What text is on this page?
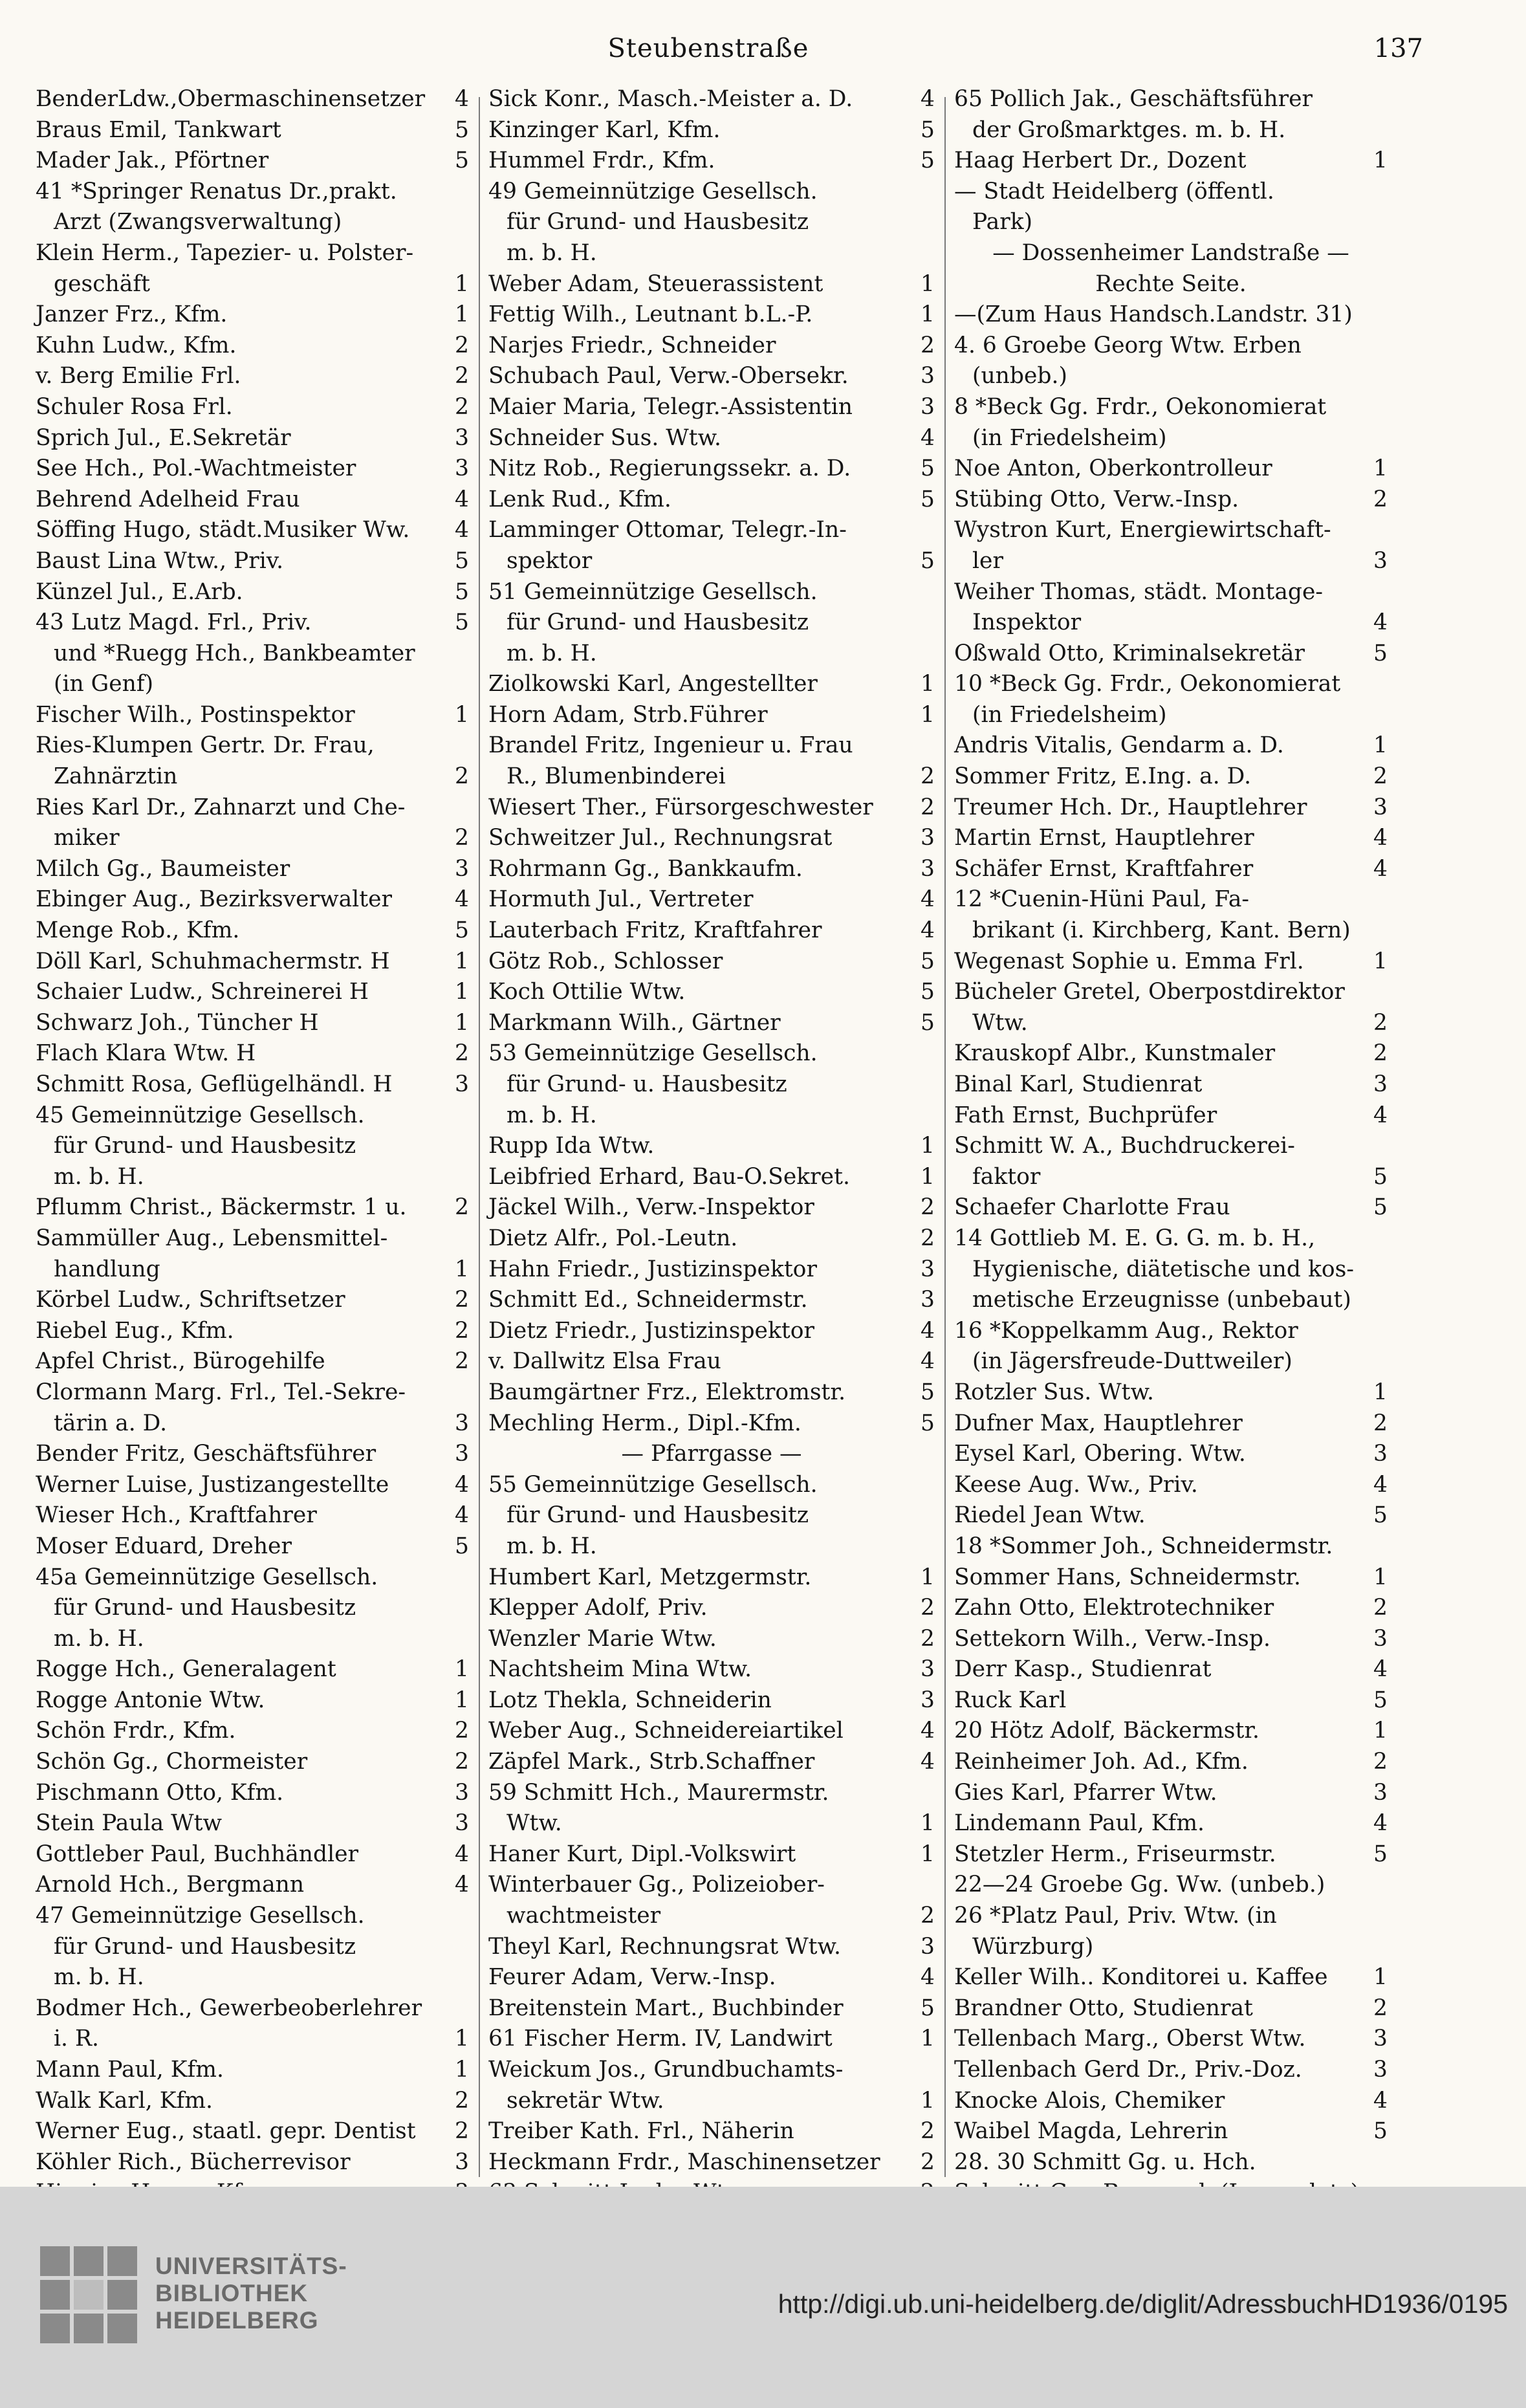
Steubenstraße	137
BenderLdw.,Obermaschinensetzer 4
Braus Emil, Tankwart	5
Mader Jak., Pförtner	5
41 *Springer Renatus Dr.,prakt.
Arzt (Zwangsverwaltung)
Klein Herm., Tapezier- u. Polster-
geschäft	1
Janzer Frz., Kfm.	1
Kuhn Ludw., Kfm.	2
v. Berg Emilie Frl.	2
Schuler Rosa Frl.	2
Sprich Jul., E.Sekretär	3
See Hch., Pol.-Wachtmeister	3
Behrend Adelheid Frau	4
Söffing Hugo, städt.Musiker Ww. 4
Baust Lina Wtw., Priv.	5
Künzel Jul., E.Arb.	5
43 Lutz Magd. Frl., Priv.	5
und *Ruegg Hch., Bankbeamter
(in Genf)
Fischer Wilh., Postinspektor	1
Ries-Klumpen Gertr. Dr. Frau,
Zahnärztin	2
Ries Karl Dr., Zahnarzt und Che-
miker	2
Milch Gg., Baumeister	3
Ebinger Aug., Bezirksverwalter	4
Menge Rob., Kfm.	5
Döll Karl, Schuhmachermstr. H	1
Schaier Ludw., Schreinerei H	1
Schwarz Joh., Tüncher H	1
Flach Klara Wtw. H	2
Schmitt Rosa, Geflügelhändl. H	3
45 Gemeinnützige Gesellsch.
für Grund- und Hausbesitz
m. b. H.
Pflumm Christ., Bäckermstr. 1 u. 2
Sammüller Aug., Lebensmittel-
handlung	1
Körbel Ludw., Schriftsetzer	2
Riebel Eug., Kfm.	2
Apfel Christ., Bürogehilfe	2
Clormann Marg. Frl., Tel.-Sekre-
tärin a. D.	3
Bender Fritz, Geschäftsführer	3
Werner Luise, Justizangestellte	4
Wieser Hch., Kraftfahrer	4
Moser Eduard, Dreher	5
45a Gemeinnützige Gesellsch.
für Grund- und Hausbesitz
m. b. H.
Rogge Hch., Generalagent	1
Rogge Antonie Wtw.	1
Schön Frdr., Kfm.	2
Schön Gg., Chormeister	2
Pischmann Otto, Kfm.	3
Stein Paula Wtw	3
Gottleber Paul, Buchhändler	4
Arnold Hch., Bergmann	4
47 Gemeinnützige Gesellsch.
für Grund- und Hausbesitz
m. b. H.
Bodmer Hch., Gewerbeoberlehrer
i. R.	1
Mann Paul, Kfm.	1
Walk Karl, Kfm.	2
Werner Eug., staatl. gepr. Dentist 2
Köhler Rich., Bücherrevisor	3
Sick Konr., Masch.-Meister a. D.	4
Kinzinger Karl, Kfm.	5
Hummel Frdr., Kfm.	5
49 Gemeinnützige Gesellsch.
für Grund- und Hausbesitz
m. b. H.
Weber Adam, Steuerassistent	1
Fettig Wilh., Leutnant b.L.-P.	1
Narjes Friedr., Schneider	2
Schubach Paul, Verw.-Obersekr.	3
Maier Maria, Telegr.-Assistentin	3
Schneider Sus. Wtw.	4
Nitz Rob., Regierungssekr. a. D.	5
Lenk Rud., Kfm.	5
Lamminger Ottomar, Telegr.-In-
spektor	5
51 Gemeinnützige Gesellsch.
für Grund- und Hausbesitz
m. b. H.
Ziolkowski Karl, Angestellter	1
Horn Adam, Strb.Führer	1
Brandel Fritz, Ingenieur u. Frau
R., Blumenbinderei	2
Wiesert Ther., Fürsorgeschwester 2
Schweitzer Jul., Rechnungsrat	3
Rohrmann Gg., Bankkaufm.	3
Hormuth Jul., Vertreter	4
Lauterbach Fritz, Kraftfahrer	4
Götz Rob., Schlosser	5
Koch Ottilie Wtw.	5
Markmann Wilh., Gärtner	5
53 Gemeinnützige Gesellsch.
für Grund- u. Hausbesitz
m. b. H.
Rupp Ida Wtw.	1
Leibfried Erhard, Bau-O.Sekret.	1
Jäckel Wilh., Verw.-Inspektor	2
Dietz Alfr., Pol.-Leutn.	2
Hahn Friedr., Justizinspektor	3
Schmitt Ed., Schneidermstr.	3
Dietz Friedr., Justizinspektor	4
v. Dallwitz Elsa Frau	4
Baumgärtner Frz., Elektromstr.	5
Mechling Herm., Dipl.-Kfm.	5
— Pfarrgasse —
55 Gemeinnützige Gesellsch.
für Grund- und Hausbesitz
m. b. H.
Humbert Karl, Metzgermstr.	1
Klepper Adolf, Priv.	2
Wenzler Marie Wtw.	2
Nachtsheim Mina Wtw.	3
Lotz Thekla, Schneiderin	3
Weber Aug., Schneidereiartikel	4
Zäpfel Mark., Strb.Schaffner	4
59 Schmitt Hch., Maurermstr.
Wtw.	1
Haner Kurt, Dipl.-Volkswirt	1
Winterbauer Gg., Polizeiober-
wachtmeister	2
Theyl Karl, Rechnungsrat Wtw.	3
Feurer Adam, Verw.-Insp.	4
Breitenstein Mart., Buchbinder	5
61 Fischer Herm. IV, Landwirt	1
Weickum Jos., Grundbuchamts-
sekretär Wtw.	1
Treiber Kath. Frl., Näherin	2
Heckmann Frdr., Maschinensetzer 2
65 Pollich Jak., Geschäftsführer
der Großmarktges. m. b. H.
Haag Herbert Dr., Dozent	1
— Stadt Heidelberg (öffentl.
Park)
— Dossenheimer Landstraße —
Rechte Seite.
—(Zum Haus Handsch.Landstr. 31)
4. 6 Groebe Georg Wtw. Erben
(unbeb.)
8 *Beck Gg. Frdr., Oekonomierat
(in Friedelsheim)
Noe Anton, Oberkontrolleur	1
Stübing Otto, Verw.-Insp.	2
Wystron Kurt, Energiewirtschaft-
ler	3
Weiher Thomas, städt. Montage-
Inspektor	4
Oßwald Otto, Kriminalsekretär	5
10 *Beck Gg. Frdr., Oekonomierat
(in Friedelsheim)
Andris Vitalis, Gendarm a. D.	1
Sommer Fritz, E.Ing. a. D.	2
Treumer Hch. Dr., Hauptlehrer	3
Martin Ernst, Hauptlehrer	4
Schäfer Ernst, Kraftfahrer	4
12 *Cuenin-Hüni Paul, Fa-
brikant (i. Kirchberg, Kant. Bern)
Wegenast Sophie u. Emma Frl.	1
Bücheler Gretel, Oberpostdirektor
Wtw.	2
Krauskopf Albr., Kunstmaler	2
Binal Karl, Studienrat	3
Fath Ernst, Buchprüfer	4
Schmitt W. A., Buchdruckerei-
faktor	5
Schaefer Charlotte Frau	5
14 Gottlieb M. E. G. G. m. b. H.,
Hygienische, diätetische und kos-
metische Erzeugnisse (unbebaut)
16 *Koppelkamm Aug., Rektor
(in Jägersfreude-Duttweiler)
Rotzler Sus. Wtw.	1
Dufner Max, Hauptlehrer	2
Eysel Karl, Obering. Wtw.	3
Keese Aug. Ww., Priv.	4
Riedel Jean Wtw.	5
18 *Sommer Joh., Schneidermstr.
Sommer Hans, Schneidermstr.	1
Zahn Otto, Elektrotechniker	2
Settekorn Wilh., Verw.-Insp.	3
Derr Kasp., Studienrat	4
Ruck Karl	5
20 Hötz Adolf, Bäckermstr.	1
Reinheimer Joh. Ad., Kfm.	2
Gies Karl, Pfarrer Wtw.	3
Lindemann Paul, Kfm.	4
Stetzler Herm., Friseurmstr.	5
22—24 Groebe Gg. Ww. (unbeb.)
26 *Platz Paul, Priv. Wtw. (in
Würzburg)
Keller Wilh.. Konditorei u. Kaffee 1
Brandner Otto, Studienrat	2
Tellenbach Marg., Oberst Wtw.	3
Tellenbach Gerd Dr., Priv.-Doz.	3
Knocke Alois, Chemiker	4
Waibel Magda, Lehrerin	5
28. 30 Schmitt Gg. u. Hch.
UNIVERSITÄTS-
BIBLIOTHEK
HEIDELBERG
http://digi.ub.uni-heidelberg.de/diglit/AdressbuchHD1936/0195
